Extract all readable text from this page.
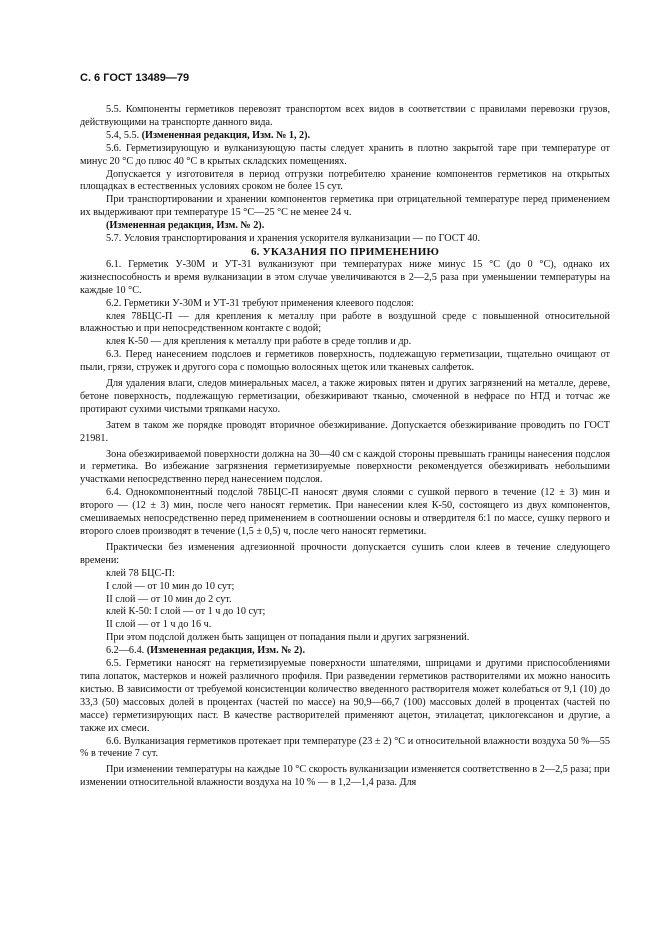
С. 6 ГОСТ 13489—79

5.5. Компоненты герметиков перевозят транспортом всех видов в соответствии с правилами перевозки грузов, действующими на транспорте данного вида.

5.4, 5.5. (Измененная редакция, Изм. № 1, 2).

5.6. Герметизирующую и вулканизующую пасты следует хранить в плотно закрытой таре при температуре от минус 20 °С до плюс 40 °С в крытых складских помещениях.

Допускается у изготовителя в период отгрузки потребителю хранение компонентов герметиков на открытых площадках в естественных условиях сроком не более 15 сут.

При транспортировании и хранении компонентов герметика при отрицательной температуре перед применением их выдерживают при температуре 15 °С—25 °С не менее 24 ч.

(Измененная редакция, Изм. № 2).

5.7. Условия транспортирования и хранения ускорителя вулканизации — по ГОСТ 40.

6. УКАЗАНИЯ ПО ПРИМЕНЕНИЮ

6.1. Герметик У-30М и УТ-31 вулканизуют при температурах ниже минус 15 °С (до 0 °С), однако их жизнеспособность и время вулканизации в этом случае увеличиваются в 2—2,5 раза при уменьшении температуры на каждые 10 °С.

6.2. Герметики У-30М и УТ-31 требуют применения клеевого подслоя:

клея 78БЦС-П — для крепления к металлу при работе в воздушной среде с повышенной относительной влажностью и при непосредственном контакте с водой;

клея К-50 — для крепления к металлу при работе в среде топлив и др.

6.3. Перед нанесением подслоев и герметиков поверхность, подлежащую герметизации, тщательно очищают от пыли, грязи, стружек и другого сора с помощью волосяных щеток или тканевых салфеток.

Для удаления влаги, следов минеральных масел, а также жировых пятен и других загрязнений на металле, дереве, бетоне поверхность, подлежащую герметизации, обезжиривают тканью, смоченной в нефрасе по НТД и тотчас же протирают сухими чистыми тряпками насухо.

Затем в таком же порядке проводят вторичное обезжиривание. Допускается обезжиривание проводить по ГОСТ 21981.

Зона обезжириваемой поверхности должна на 30—40 см с каждой стороны превышать границы нанесения подслоя и герметика. Во избежание загрязнения герметизируемые поверхности рекомендуется обезжиривать небольшими участками непосредственно перед нанесением подслоя.

6.4. Однокомпонентный подслой 78БЦС-П наносят двумя слоями с сушкой первого в течение (12 ± 3) мин и второго — (12 ± 3) мин, после чего наносят герметик. При нанесении клея К-50, состоящего из двух компонентов, смешиваемых непосредственно перед применением в соотношении основы и отвердителя 6:1 по массе, сушку первого и второго слоев производят в течение (1,5 ± 0,5) ч, после чего наносят герметики.

Практически без изменения адгезионной прочности допускается сушить слои клеев в течение следующего времени:

клей 78 БЦС-П:

I слой — от 10 мин до 10 сут;

II слой — от 10 мин до 2 сут.

клей К-50: I слой — от 1 ч до 10 сут;

II слой — от 1 ч до 16 ч.

При этом подслой должен быть защищен от попадания пыли и других загрязнений.

6.2—6.4. (Измененная редакция, Изм. № 2).

6.5. Герметики наносят на герметизируемые поверхности шпателями, шприцами и другими приспособлениями типа лопаток, мастерков и ножей различного профиля. При разведении герметиков растворителями их можно наносить кистью. В зависимости от требуемой консистенции количество введенного растворителя может колебаться от 9,1 (10) до 33,3 (50) массовых долей в процентах (частей по массе) на 90,9—66,7 (100) массовых долей в процентах (частей по массе) герметизирующих паст. В качестве растворителей применяют ацетон, этилацетат, циклогексанон и другие, а также их смеси.

6.6. Вулканизация герметиков протекает при температуре (23 ± 2) °С и относительной влажности воздуха 50 %—55 % в течение 7 сут.

При изменении температуры на каждые 10 °С скорость вулканизации изменяется соответственно в 2—2,5 раза; при изменении относительной влажности воздуха на 10 % — в 1,2—1,4 раза. Для
